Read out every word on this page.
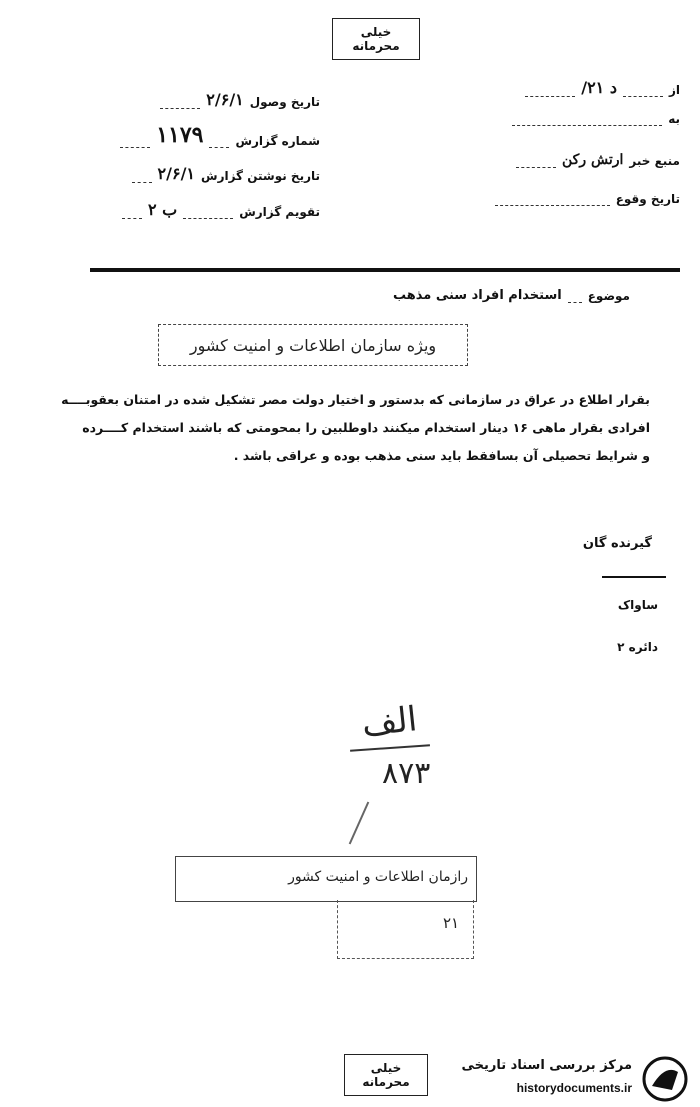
خیلی محرمانه
از
د ۲۱/
به
منبع خبر
ارتش رکن
تاریخ وقوع
تاریخ وصول
۲/۶/۱
شماره گزارش
۱۱۷۹
تاریخ نوشتن گزارش
۲/۶/۱
تقویم گزارش
ب ۲
موضوع
استخدام افراد سنی مذهب
ویژه سازمان اطلاعات و امنیت کشور
بقرار اطلاع در عراق در سازمانی که بدستور و اختیار دولت مصر تشکیل شده در امتنان بعقوبــــه
افرادی بقرار ماهی ۱۶ دینار استخدام میکنند داوطلبین را بمحومتی که باشند استخدام کــــرده
و شرایط تحصیلی آن بسافقط باید سنی مذهب بوده و عراقی باشد .
گیرنده گان
ساواک
دائره ۲
الف
۸۷۳
رازمان اطلاعات و امنیت کشور
۲۱
خیلی محرمانه
مرکز بررسی اسناد تاریخی
historydocuments.ir
